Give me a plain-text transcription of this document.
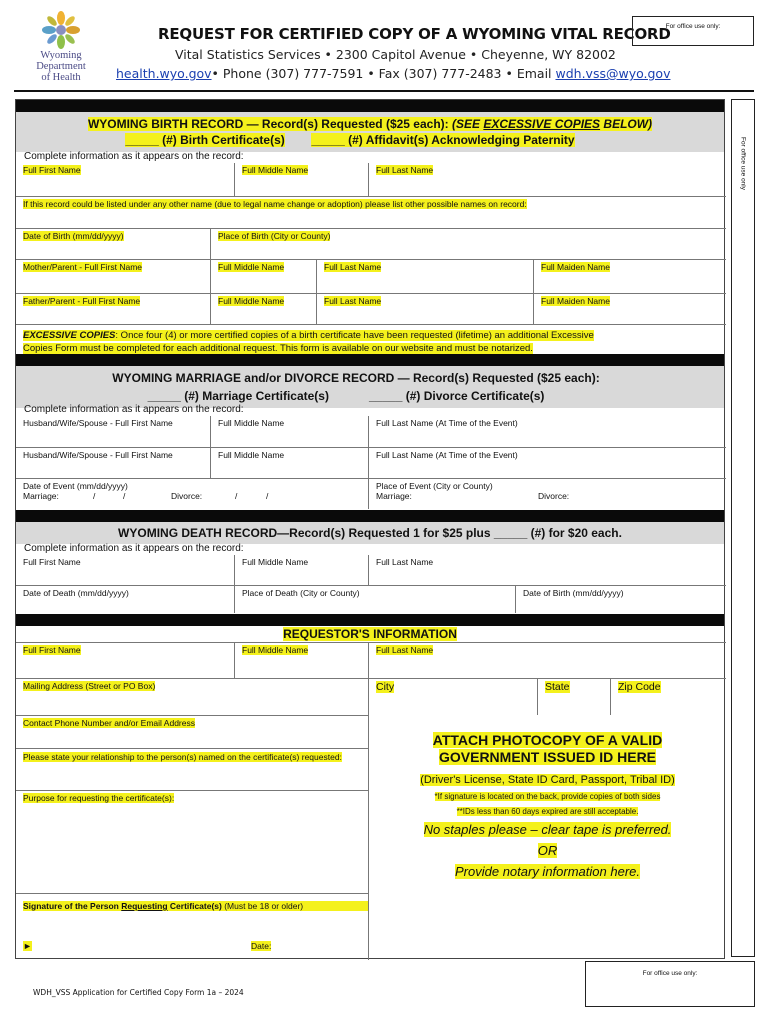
Wyoming
Department
of Health
REQUEST FOR CERTIFIED COPY OF A WYOMING VITAL RECORD
For office use only:
Vital Statistics Services • 2300 Capitol Avenue • Cheyenne, WY 82002
health.wyo.gov• Phone (307) 777-7591 • Fax (307) 777-2483 • Email wdh.vss@wyo.gov
For office use only
WYOMING BIRTH RECORD — Record(s) Requested ($25 each): (SEE EXCESSIVE COPIES BELOW)
_____ (#) Birth Certificate(s) _____ (#) Affidavit(s) Acknowledging Paternity
Complete information as it appears on the record:
Full First Name	Full Middle Name	Full Last Name
If this record could be listed under any other name (due to legal name change or adoption) please list other possible names on record:
Date of Birth (mm/dd/yyyy)	Place of Birth (City or County)
Mother/Parent - Full First Name	Full Middle Name	Full Last Name	Full Maiden Name
Father/Parent - Full First Name	Full Middle Name	Full Last Name	Full Maiden Name
EXCESSIVE COPIES: Once four (4) or more certified copies of a birth certificate have been requested (lifetime) an additional Excessive
Copies Form must be completed for each additional request. This form is available on our website and must be notarized.
WYOMING MARRIAGE and/or DIVORCE RECORD — Record(s) Requested ($25 each):
_____ (#) Marriage Certificate(s)	_____ (#) Divorce Certificate(s)
Complete information as it appears on the record:
Husband/Wife/Spouse - Full First Name	Full Middle Name	Full Last Name (At Time of the Event)
Husband/Wife/Spouse - Full First Name	Full Middle Name	Full Last Name (At Time of the Event)
Date of Event (mm/dd/yyyy)
Marriage:	/	/	Divorce:	/	/
Place of Event (City or County)
Marriage:	Divorce:
WYOMING DEATH RECORD—Record(s) Requested 1 for $25 plus _____ (#) for $20 each.
Complete information as it appears on the record:
Full First Name	Full Middle Name	Full Last Name
Date of Death (mm/dd/yyyy)	Place of Death (City or County)	Date of Birth (mm/dd/yyyy)
REQUESTOR'S INFORMATION
Full First Name	Full Middle Name	Full Last Name
Mailing Address (Street or PO Box)	City	State	Zip Code
Contact Phone Number and/or Email Address
Please state your relationship to the person(s) named on the certificate(s) requested:
Purpose for requesting the certificate(s):
Signature of the Person Requesting Certificate(s) (Must be 18 or older)
►	Date:
ATTACH PHOTOCOPY OF A VALID
GOVERNMENT ISSUED ID HERE
(Driver's License, State ID Card, Passport, Tribal ID)
*If signature is located on the back, provide copies of both sides
**IDs less than 60 days expired are still acceptable.
No staples please – clear tape is preferred.
OR
Provide notary information here.
For office use only:
WDH_VSS Application for Certified Copy Form 1a – 2024
